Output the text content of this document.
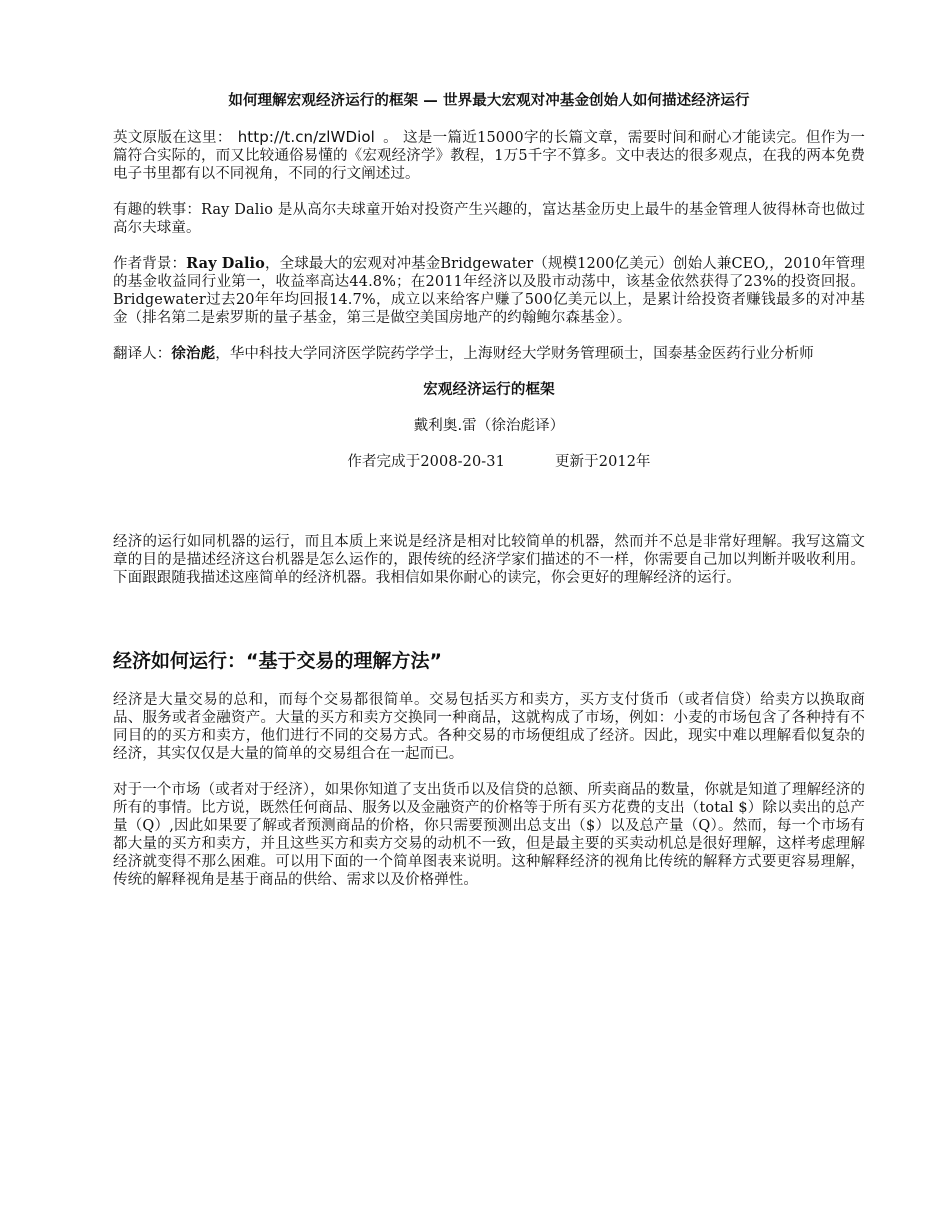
如何理解宏观经济运行的框架 — 世界最大宏观对冲基金创始人如何描述经济运行

英文原版在这里： http://t.cn/zlWDiol 。 这是一篇近15000字的长篇文章，需要时间和耐心才能读完。但作为一篇符合实际的，而又比较通俗易懂的《宏观经济学》教程，1万5千字不算多。文中表达的很多观点，在我的两本免费电子书里都有以不同视角，不同的行文阐述过。

有趣的轶事：Ray Dalio 是从高尔夫球童开始对投资产生兴趣的，富达基金历史上最牛的基金管理人彼得林奇也做过高尔夫球童。

作者背景：Ray Dalio，全球最大的宏观对冲基金Bridgewater（规模1200亿美元）创始人兼CEO,，2010年管理的基金收益同行业第一，收益率高达44.8%；在2011年经济以及股市动荡中，该基金依然获得了23%的投资回报。Bridgewater过去20年年均回报14.7%，成立以来给客户赚了500亿美元以上，是累计给投资者赚钱最多的对冲基金（排名第二是索罗斯的量子基金，第三是做空美国房地产的约翰鲍尔森基金）。

翻译人：徐治彪，华中科技大学同济医学院药学学士，上海财经大学财务管理硕士，国泰基金医药行业分析师

宏观经济运行的框架

戴利奥.雷（徐治彪译）

作者完成于2008-20-31	更新于2012年

经济的运行如同机器的运行，而且本质上来说是经济是相对比较简单的机器，然而并不总是非常好理解。我写这篇文章的目的是描述经济这台机器是怎么运作的，跟传统的经济学家们描述的不一样，你需要自己加以判断并吸收利用。下面跟跟随我描述这座简单的经济机器。我相信如果你耐心的读完，你会更好的理解经济的运行。

经济如何运行：“基于交易的理解方法”

经济是大量交易的总和，而每个交易都很简单。交易包括买方和卖方，买方支付货币（或者信贷）给卖方以换取商品、服务或者金融资产。大量的买方和卖方交换同一种商品，这就构成了市场，例如：小麦的市场包含了各种持有不同目的的买方和卖方，他们进行不同的交易方式。各种交易的市场便组成了经济。因此，现实中难以理解看似复杂的经济，其实仅仅是大量的简单的交易组合在一起而已。

对于一个市场（或者对于经济），如果你知道了支出货币以及信贷的总额、所卖商品的数量，你就是知道了理解经济的所有的事情。比方说，既然任何商品、服务以及金融资产的价格等于所有买方花费的支出（total $）除以卖出的总产量（Q）,因此如果要了解或者预测商品的价格，你只需要预测出总支出（$）以及总产量（Q）。然而，每一个市场有都大量的买方和卖方，并且这些买方和卖方交易的动机不一致，但是最主要的买卖动机总是很好理解，这样考虑理解经济就变得不那么困难。可以用下面的一个简单图表来说明。这种解释经济的视角比传统的解释方式要更容易理解，传统的解释视角是基于商品的供给、需求以及价格弹性。
